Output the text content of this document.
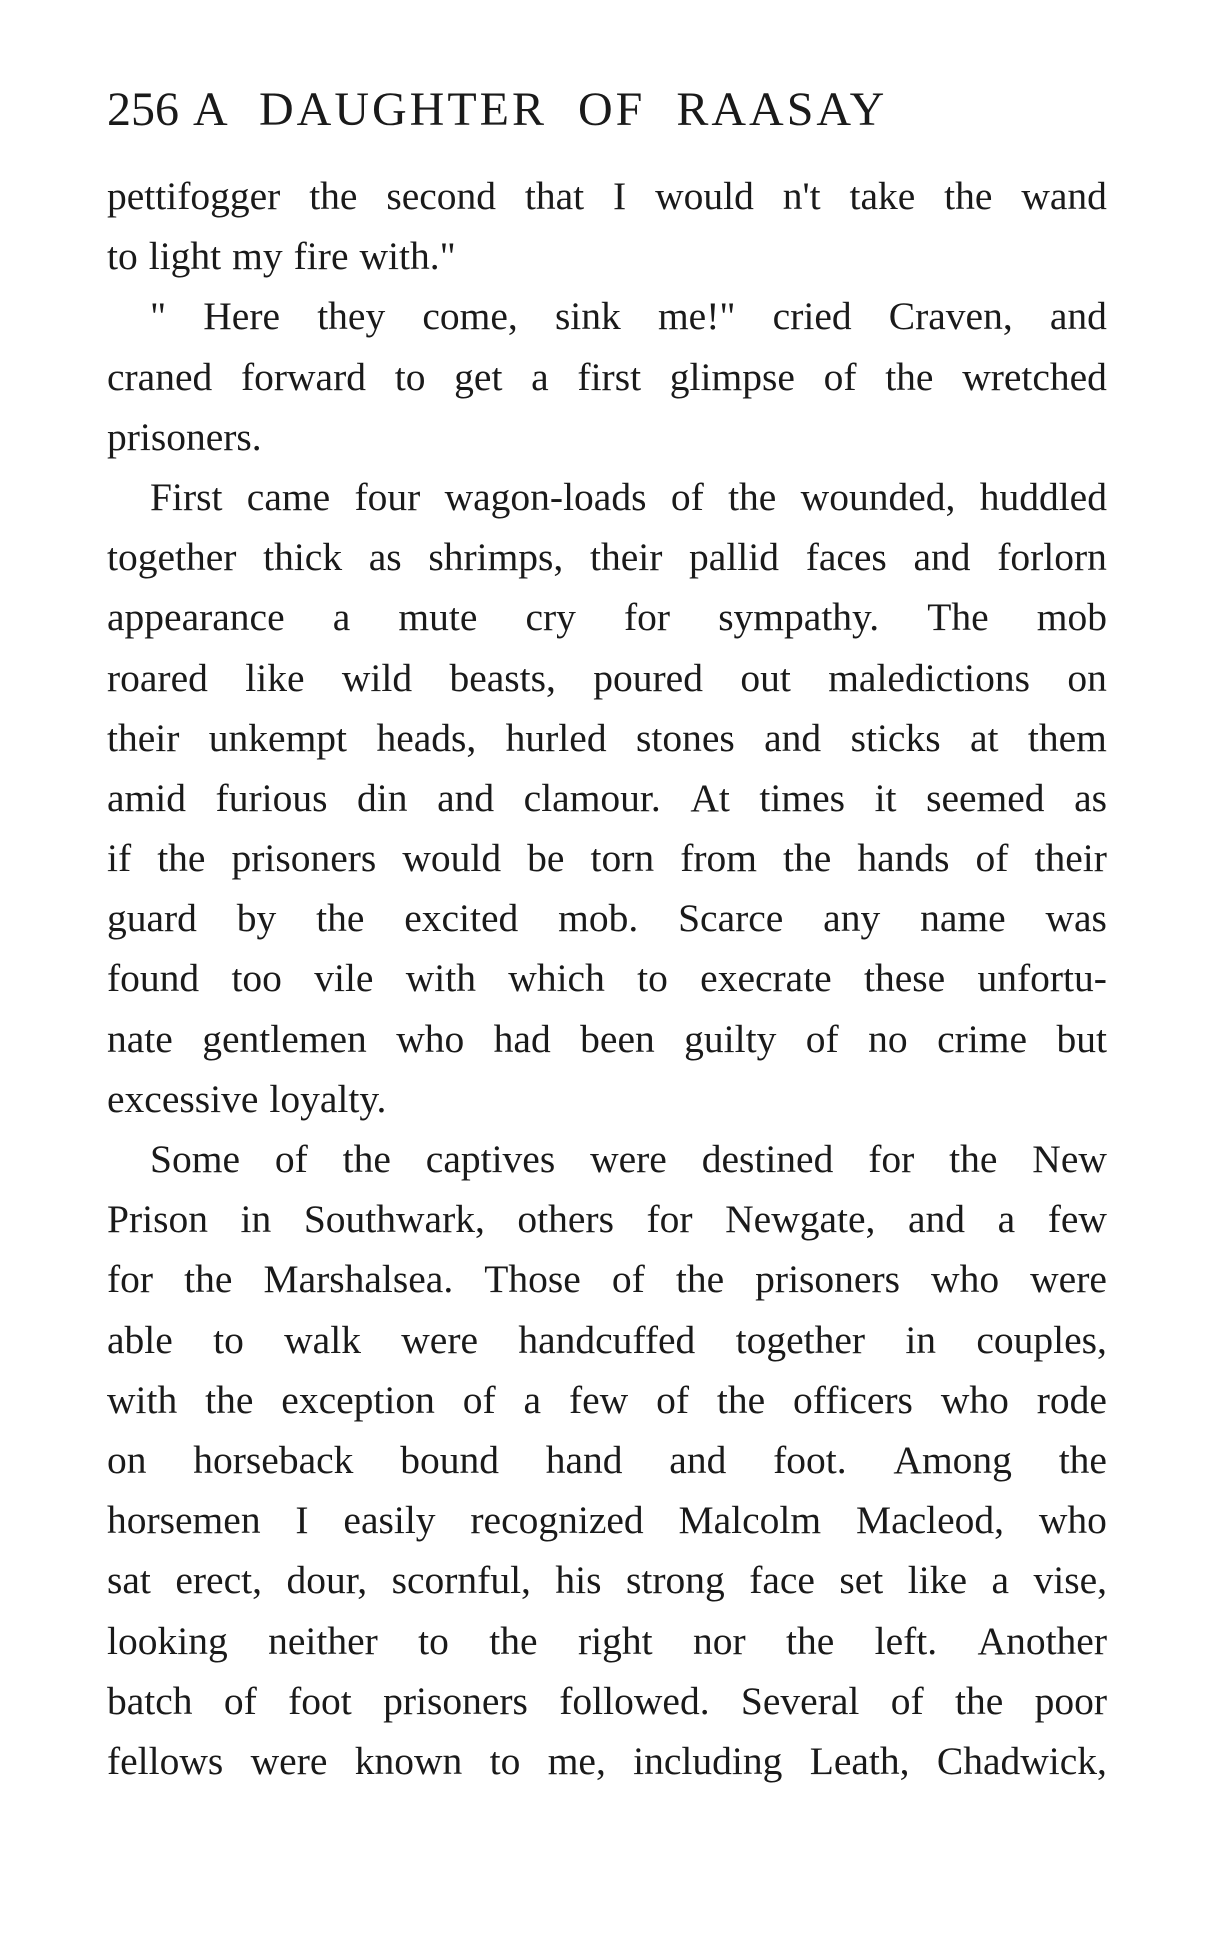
256 A DAUGHTER OF RAASAY
pettifogger the second that I would n't take the wand
to light my fire with."
" Here they come, sink me!" cried Craven, and
craned forward to get a first glimpse of the wretched
prisoners.
First came four wagon-loads of the wounded, huddled
together thick as shrimps, their pallid faces and forlorn
appearance a mute cry for sympathy. The mob
roared like wild beasts, poured out maledictions on
their unkempt heads, hurled stones and sticks at them
amid furious din and clamour. At times it seemed as
if the prisoners would be torn from the hands of their
guard by the excited mob. Scarce any name was
found too vile with which to execrate these unfortu-
nate gentlemen who had been guilty of no crime but
excessive loyalty.
Some of the captives were destined for the New
Prison in Southwark, others for Newgate, and a few
for the Marshalsea. Those of the prisoners who were
able to walk were handcuffed together in couples,
with the exception of a few of the officers who rode
on horseback bound hand and foot. Among the
horsemen I easily recognized Malcolm Macleod, who
sat erect, dour, scornful, his strong face set like a vise,
looking neither to the right nor the left. Another
batch of foot prisoners followed. Several of the poor
fellows were known to me, including Leath, Chadwick,
